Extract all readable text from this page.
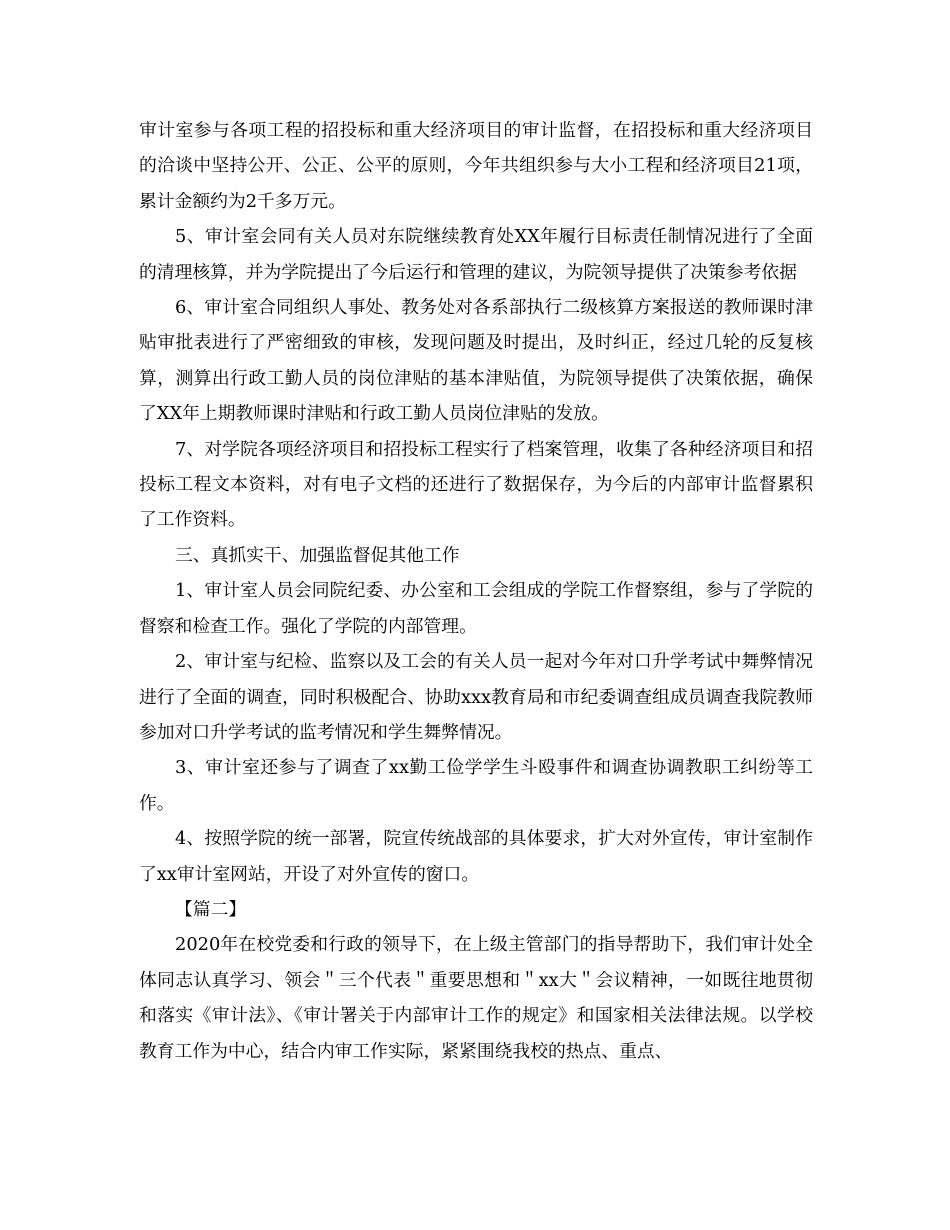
审计室参与各项工程的招投标和重大经济项目的审计监督，在招投标和重大经济项目的洽谈中坚持公开、公正、公平的原则，今年共组织参与大小工程和经济项目21项，累计金额约为2千多万元。

5、审计室会同有关人员对东院继续教育处XX年履行目标责任制情况进行了全面的清理核算，并为学院提出了今后运行和管理的建议，为院领导提供了决策参考依据

6、审计室合同组织人事处、教务处对各系部执行二级核算方案报送的教师课时津贴审批表进行了严密细致的审核，发现问题及时提出，及时纠正，经过几轮的反复核算，测算出行政工勤人员的岗位津贴的基本津贴值，为院领导提供了决策依据，确保了XX年上期教师课时津贴和行政工勤人员岗位津贴的发放。

7、对学院各项经济项目和招投标工程实行了档案管理，收集了各种经济项目和招投标工程文本资料，对有电子文档的还进行了数据保存，为今后的内部审计监督累积了工作资料。

三、真抓实干、加强监督促其他工作

1、审计室人员会同院纪委、办公室和工会组成的学院工作督察组，参与了学院的督察和检查工作。强化了学院的内部管理。

2、审计室与纪检、监察以及工会的有关人员一起对今年对口升学考试中舞弊情况进行了全面的调查，同时积极配合、协助xxx教育局和市纪委调查组成员调查我院教师参加对口升学考试的监考情况和学生舞弊情况。

3、审计室还参与了调查了xx勤工俭学学生斗殴事件和调查协调教职工纠纷等工作。

4、按照学院的统一部署，院宣传统战部的具体要求，扩大对外宣传，审计室制作了xx审计室网站，开设了对外宣传的窗口。

【篇二】

2020年在校党委和行政的领导下，在上级主管部门的指导帮助下，我们审计处全体同志认真学习、领会＂三个代表＂重要思想和＂xx大＂会议精神，一如既往地贯彻和落实《审计法》、《审计署关于内部审计工作的规定》和国家相关法律法规。以学校教育工作为中心，结合内审工作实际，紧紧围绕我校的热点、重点、
